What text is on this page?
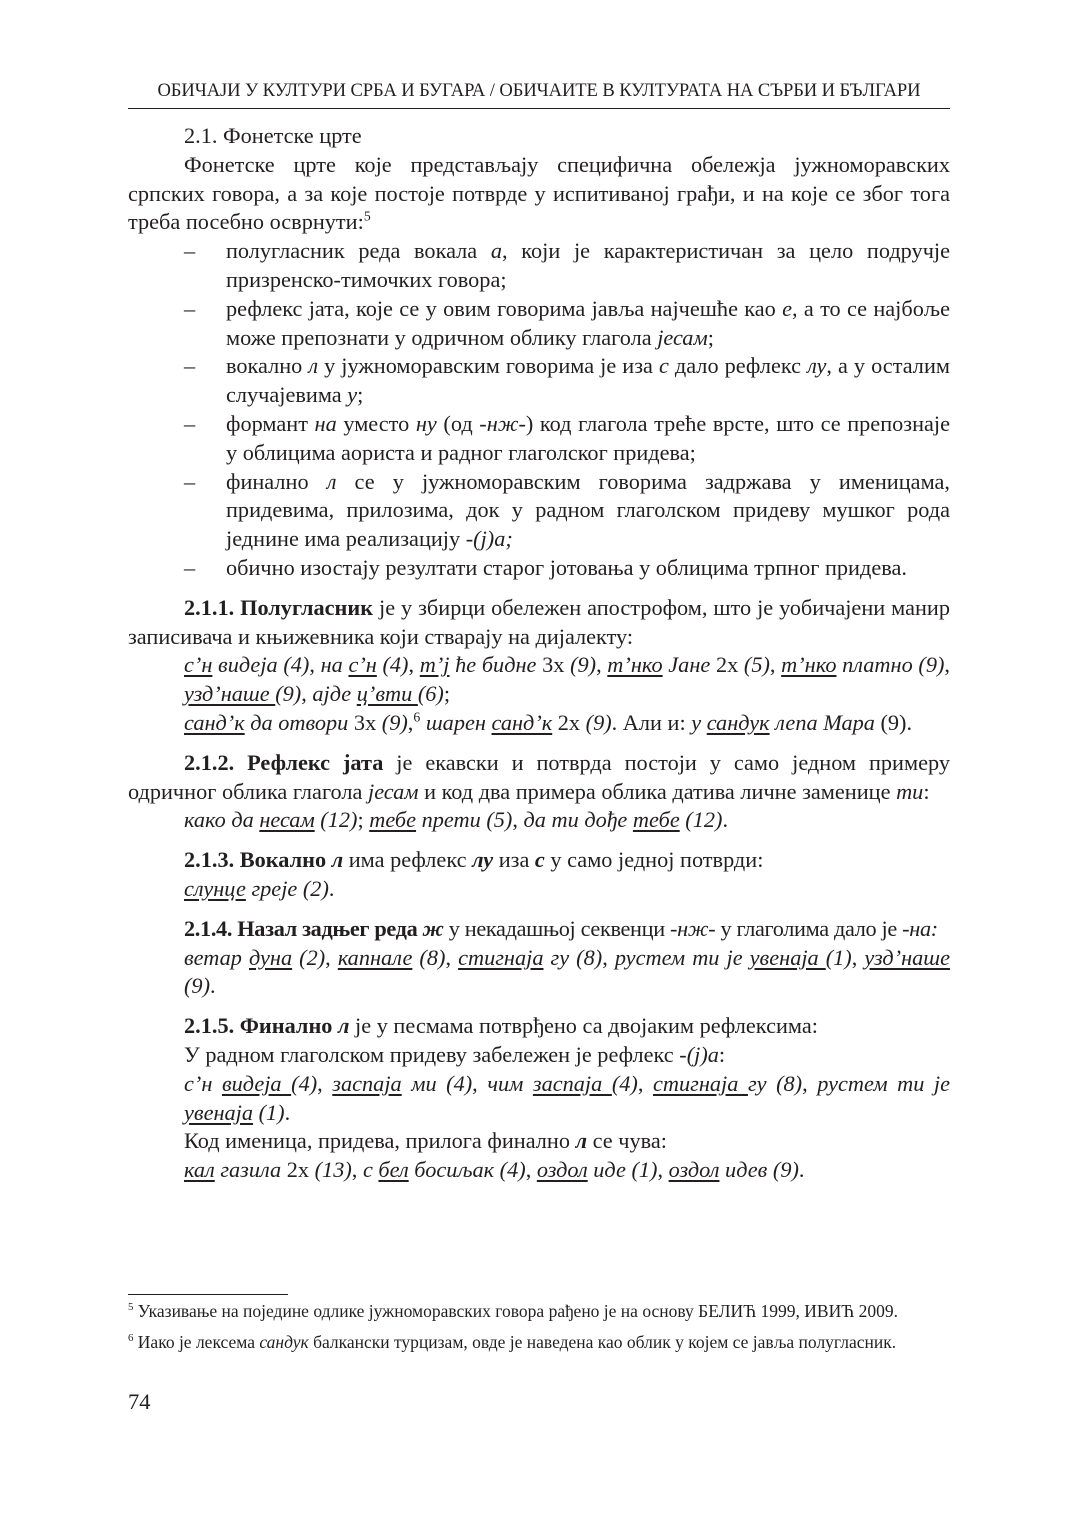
ОБИЧАЈИ У КУЛТУРИ СРБА И БУГАРА / ОБИЧАИТЕ В КУЛТУРАТА НА СЪРБИ И БЪЛГАРИ

2.1. Фонетске црте

Фонетске црте које представљају специфична обележја јужноморавских српских говора, а за које постоје потврде у испитиваној грађи, и на које се због тога треба посебно осврнути:$^5$

– полугласник реда вокала а, који је карактеристичан за цело подручје призренско-тимочких говора;
– рефлекс јата, које се у овим говорима јавља најчешће као е, а то се најбоље може препознати у одричном облику глагола јесам;
– вокално л у јужноморавским говорима је иза с дало рефлекс лу, а у осталим случајевима у;
– формант на уместо ну (од -нж-) код глагола треће врсте, што се препознаје у облицима аориста и радног глаголског придева;
– финално л се у јужноморавским говорима задржава у именицама, придевима, прилозима, док у радном глаголском придеву мушког рода једнине има реализацију -(ј)а;
– обично изостају резултати старог јотовања у облицима трпног придева.

2.1.1. Полугласник је у збирци обележен апострофом, што је уобичајени манир записивача и књижевника који стварају на дијалекту:

с’н видеја (4), на с’н (4), т’ј ће бидне 3х (9), т’нко Јане 2х (5), т’нко платно (9), узд’наше (9), ајде ц’вти (6);

санд’к да отвори 3х (9),$^6$ шарен санд’к 2х (9). Али и: у сандук лепа Мара (9).

2.1.2. Рефлекс јата је екавски и потврда постоји у само једном примеру одричног облика глагола јесам и код два примера облика датива личне заменице ти:

како да несам (12); тебе прети (5), да ти дође тебе (12).

2.1.3. Вокално л има рефлекс лу иза с у само једној потврди:

слунце грејe (2).

2.1.4. Назал задњег реда ж у некадашњој секвенци -нж- у глаголима дало је -на:

ветар дуна (2), капнале (8), стигнаја гу (8), рустем ти је увенаја (1), узд’наше (9).

2.1.5. Финално л је у песмама потврђено са двојаким рефлексима:

У радном глаголском придеву забележен је рефлекс -(ј)а:

с’н видеја (4), заспаја ми (4), чим заспаја (4), стигнаја гу (8), рустем ти је увенаја (1).

Код именица, придева, прилога финално л се чува:

кал газила 2х (13), с бел босиљак (4), оздол иде (1), оздол идев (9).

$^5$ Указивање на поједине одлике јужноморавских говора рађено је на основу БЕЛИЋ 1999, ИВИЋ 2009.

$^6$ Иако је лексема сандук балкански турцизам, овде је наведена као облик у којем се јавља полугласник.

74
